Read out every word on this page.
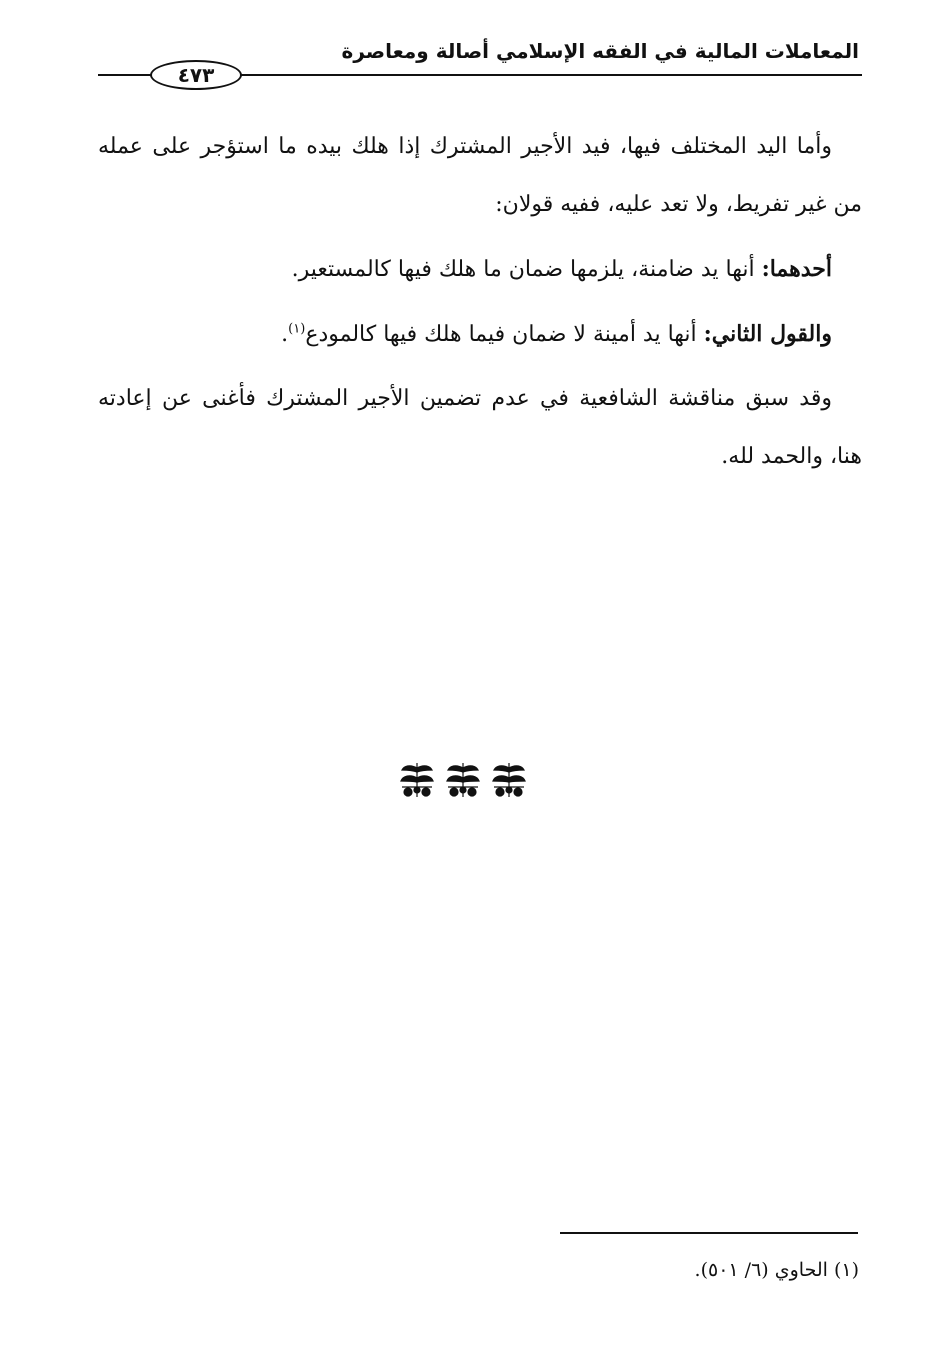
المعاملات المالية في الفقه الإسلامي أصالة ومعاصرة
٤٧٣

وأما اليد المختلف فيها، فيد الأجير المشترك إذا هلك بيده ما استؤجر على عمله من غير تفريط، ولا تعد عليه، ففيه قولان:

أحدهما: أنها يد ضامنة، يلزمها ضمان ما هلك فيها كالمستعير.

والقول الثاني: أنها يد أمينة لا ضمان فيما هلك فيها كالمودع$^{(١)}$.

وقد سبق مناقشة الشافعية في عدم تضمين الأجير المشترك فأغنى عن إعادته هنا، والحمد لله.

(١) الحاوي (٦/ ٥٠١).
